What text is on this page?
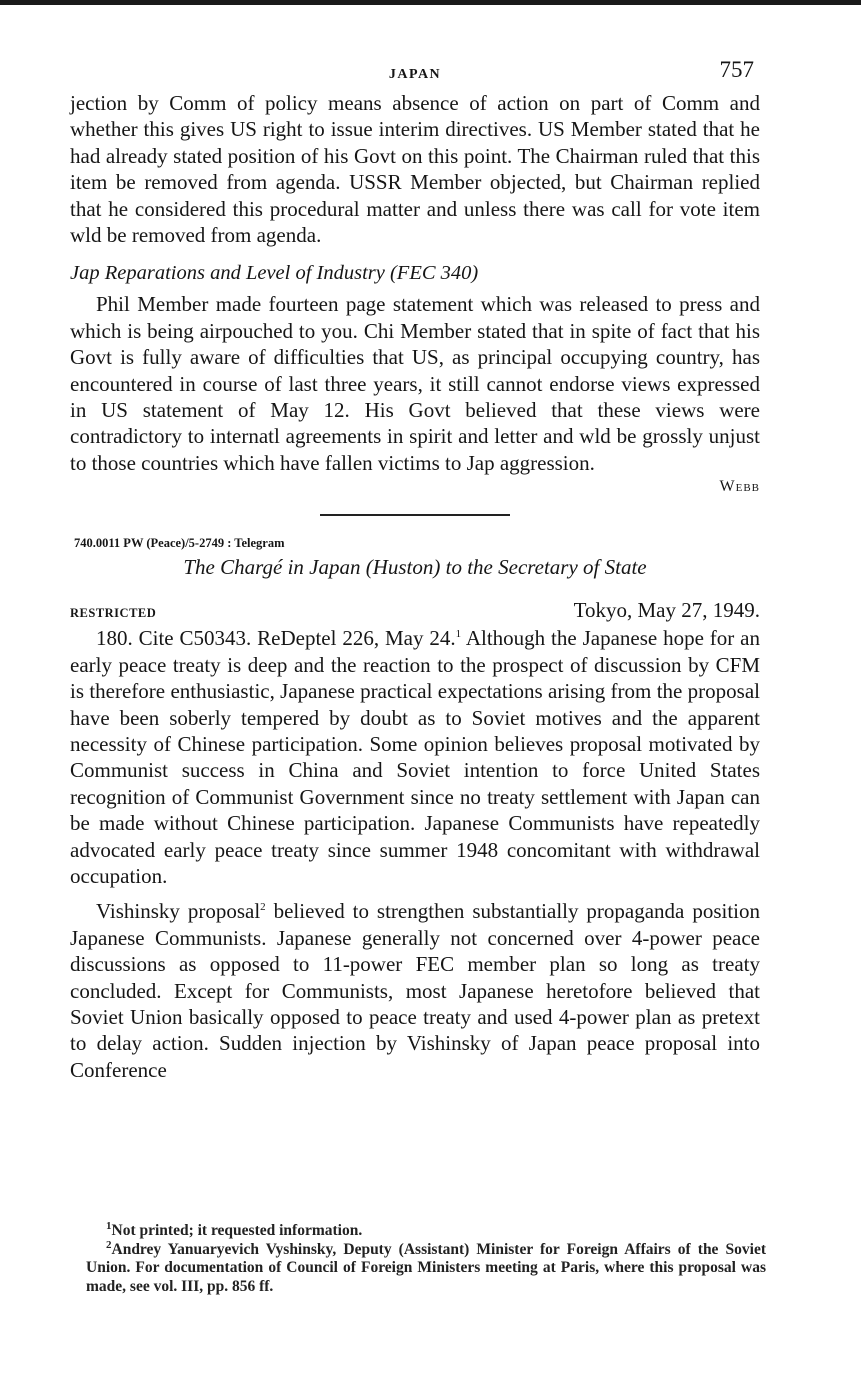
JAPAN	757

jection by Comm of policy means absence of action on part of Comm and whether this gives US right to issue interim directives. US Member stated that he had already stated position of his Govt on this point. The Chairman ruled that this item be removed from agenda. USSR Member objected, but Chairman replied that he considered this procedural matter and unless there was call for vote item wld be removed from agenda.

Jap Reparations and Level of Industry (FEC 340)

Phil Member made fourteen page statement which was released to press and which is being airpouched to you. Chi Member stated that in spite of fact that his Govt is fully aware of difficulties that US, as principal occupying country, has encountered in course of last three years, it still cannot endorse views expressed in US statement of May 12. His Govt believed that these views were contradictory to internatl agreements in spirit and letter and wld be grossly unjust to those countries which have fallen victims to Jap aggression.

Webb
740.0011 PW (Peace)/5-2749 : Telegram
The Chargé in Japan (Huston) to the Secretary of State
RESTRICTED	Tokyo, May 27, 1949.

180. Cite C50343. ReDeptel 226, May 24.$^1$ Although the Japanese hope for an early peace treaty is deep and the reaction to the prospect of discussion by CFM is therefore enthusiastic, Japanese practical expectations arising from the proposal have been soberly tempered by doubt as to Soviet motives and the apparent necessity of Chinese participation. Some opinion believes proposal motivated by Communist success in China and Soviet intention to force United States recognition of Communist Government since no treaty settlement with Japan can be made without Chinese participation. Japanese Communists have repeatedly advocated early peace treaty since summer 1948 concomitant with withdrawal occupation.

Vishinsky proposal$^2$ believed to strengthen substantially propaganda position Japanese Communists. Japanese generally not concerned over 4-power peace discussions as opposed to 11-power FEC member plan so long as treaty concluded. Except for Communists, most Japanese heretofore believed that Soviet Union basically opposed to peace treaty and used 4-power plan as pretext to delay action. Sudden injection by Vishinsky of Japan peace proposal into Conference

$^1$Not printed; it requested information.

$^2$Andrey Yanuaryevich Vyshinsky, Deputy (Assistant) Minister for Foreign Affairs of the Soviet Union. For documentation of Council of Foreign Ministers meeting at Paris, where this proposal was made, see vol. III, pp. 856 ff.
